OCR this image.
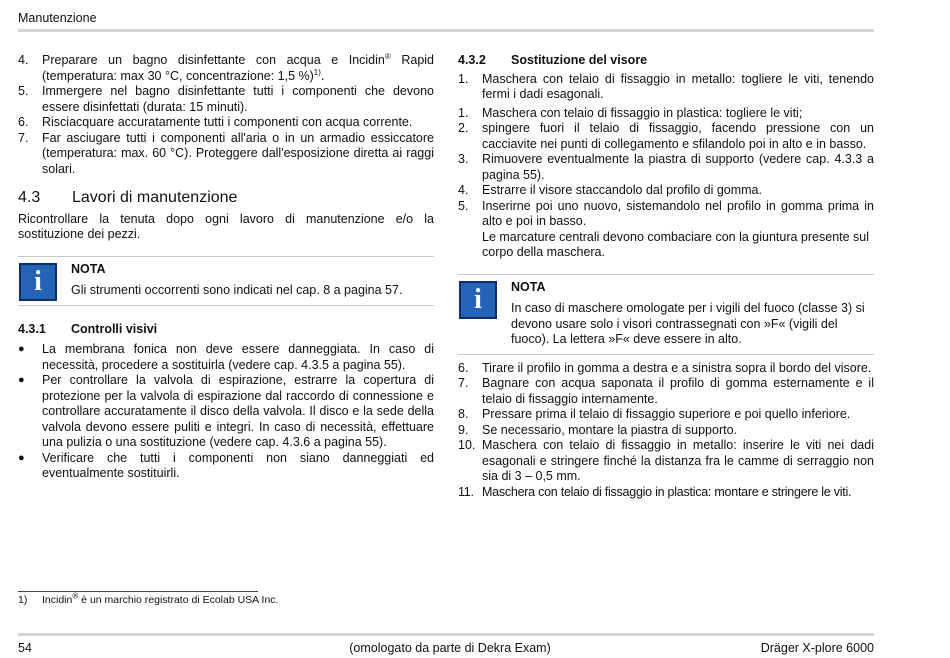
Manutenzione
4. Preparare un bagno disinfettante con acqua e Incidin® Rapid (temperatura: max 30 °C, concentrazione: 1,5 %)$^{1)}$.
5. Immergere nel bagno disinfettante tutti i componenti che devono essere disinfettati (durata: 15 minuti).
6. Risciacquare accuratamente tutti i componenti con acqua corrente.
7. Far asciugare tutti i componenti all'aria o in un armadio essiccatore (temperatura: max. 60 °C). Proteggere dall'esposizione diretta ai raggi solari.
4.3	Lavori di manutenzione
Ricontrollare la tenuta dopo ogni lavoro di manutenzione e/o la sostituzione dei pezzi.
i	NOTA
Gli strumenti occorrenti sono indicati nel cap. 8 a pagina 57.
4.3.1	Controlli visivi
● La membrana fonica non deve essere danneggiata. In caso di necessità, procedere a sostituirla (vedere cap. 4.3.5 a pagina 55).
● Per controllare la valvola di espirazione, estrarre la copertura di protezione per la valvola di espirazione dal raccordo di connessione e controllare accuratamente il disco della valvola. Il disco e la sede della valvola devono essere puliti e integri. In caso di necessità, effettuare una pulizia o una sostituzione (vedere cap. 4.3.6 a pagina 55).
● Verificare che tutti i componenti non siano danneggiati ed eventualmente sostituirli.
4.3.2	Sostituzione del visore
1. Maschera con telaio di fissaggio in metallo: togliere le viti, tenendo fermi i dadi esagonali.
1. Maschera con telaio di fissaggio in plastica: togliere le viti;
2. spingere fuori il telaio di fissaggio, facendo pressione con un cacciavite nei punti di collegamento e sfilandolo poi in alto e in basso.
3. Rimuovere eventualmente la piastra di supporto (vedere cap. 4.3.3 a pagina 55).
4. Estrarre il visore staccandolo dal profilo di gomma.
5. Inserirne poi uno nuovo, sistemandolo nel profilo in gomma prima in alto e poi in basso.
Le marcature centrali devono combaciare con la giuntura presente sul corpo della maschera.
i	NOTA
In caso di maschere omologate per i vigili del fuoco (classe 3) si devono usare solo i visori contrassegnati con »F« (vigili del fuoco). La lettera »F« deve essere in alto.
6. Tirare il profilo in gomma a destra e a sinistra sopra il bordo del visore.
7. Bagnare con acqua saponata il profilo di gomma esternamente e il telaio di fissaggio internamente.
8. Pressare prima il telaio di fissaggio superiore e poi quello inferiore.
9. Se necessario, montare la piastra di supporto.
10. Maschera con telaio di fissaggio in metallo: inserire le viti nei dadi esagonali e stringere finché la distanza fra le camme di serraggio non sia di 3 – 0,5 mm.
11. Maschera con telaio di fissaggio in plastica: montare e stringere le viti.
1) Incidin® è un marchio registrato di Ecolab USA Inc.
54	(omologato da parte di Dekra Exam)	Dräger X-plore 6000
